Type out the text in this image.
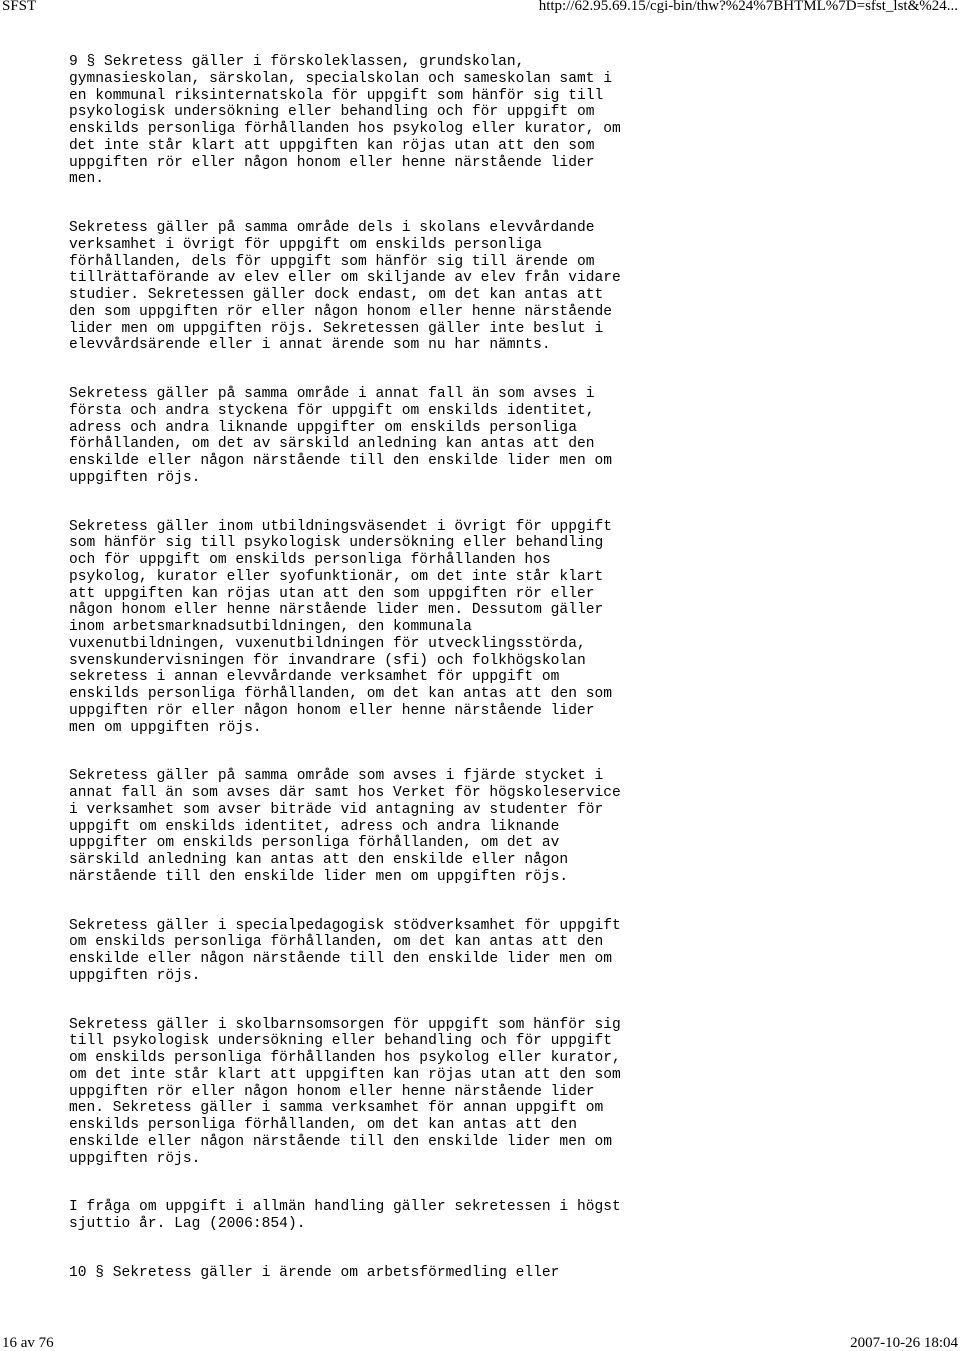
SFST	http://62.95.69.15/cgi-bin/thw?%24%7BHTML%7D=sfst_lst&%24...

9 § Sekretess gäller i förskoleklassen, grundskolan,
gymnasieskolan, särskolan, specialskolan och sameskolan samt i
en kommunal riksinternatskola för uppgift som hänför sig till
psykologisk undersökning eller behandling och för uppgift om
enskilds personliga förhållanden hos psykolog eller kurator, om
det inte står klart att uppgiften kan röjas utan att den som
uppgiften rör eller någon honom eller henne närstående lider
men.

Sekretess gäller på samma område dels i skolans elevvårdande
verksamhet i övrigt för uppgift om enskilds personliga
förhållanden, dels för uppgift som hänför sig till ärende om
tillrättaförande av elev eller om skiljande av elev från vidare
studier. Sekretessen gäller dock endast, om det kan antas att
den som uppgiften rör eller någon honom eller henne närstående
lider men om uppgiften röjs. Sekretessen gäller inte beslut i
elevvårdsärende eller i annat ärende som nu har nämnts.

Sekretess gäller på samma område i annat fall än som avses i
första och andra styckena för uppgift om enskilds identitet,
adress och andra liknande uppgifter om enskilds personliga
förhållanden, om det av särskild anledning kan antas att den
enskilde eller någon närstående till den enskilde lider men om
uppgiften röjs.

Sekretess gäller inom utbildningsväsendet i övrigt för uppgift
som hänför sig till psykologisk undersökning eller behandling
och för uppgift om enskilds personliga förhållanden hos
psykolog, kurator eller syofunktionär, om det inte står klart
att uppgiften kan röjas utan att den som uppgiften rör eller
någon honom eller henne närstående lider men. Dessutom gäller
inom arbetsmarknadsutbildningen, den kommunala
vuxenutbildningen, vuxenutbildningen för utvecklingsstörda,
svenskundervisningen för invandrare (sfi) och folkhögskolan
sekretess i annan elevvårdande verksamhet för uppgift om
enskilds personliga förhållanden, om det kan antas att den som
uppgiften rör eller någon honom eller henne närstående lider
men om uppgiften röjs.

Sekretess gäller på samma område som avses i fjärde stycket i
annat fall än som avses där samt hos Verket för högskoleservice
i verksamhet som avser biträde vid antagning av studenter för
uppgift om enskilds identitet, adress och andra liknande
uppgifter om enskilds personliga förhållanden, om det av
särskild anledning kan antas att den enskilde eller någon
närstående till den enskilde lider men om uppgiften röjs.

Sekretess gäller i specialpedagogisk stödverksamhet för uppgift
om enskilds personliga förhållanden, om det kan antas att den
enskilde eller någon närstående till den enskilde lider men om
uppgiften röjs.

Sekretess gäller i skolbarnsomsorgen för uppgift som hänför sig
till psykologisk undersökning eller behandling och för uppgift
om enskilds personliga förhållanden hos psykolog eller kurator,
om det inte står klart att uppgiften kan röjas utan att den som
uppgiften rör eller någon honom eller henne närstående lider
men. Sekretess gäller i samma verksamhet för annan uppgift om
enskilds personliga förhållanden, om det kan antas att den
enskilde eller någon närstående till den enskilde lider men om
uppgiften röjs.

I fråga om uppgift i allmän handling gäller sekretessen i högst
sjuttio år. Lag (2006:854).

10 § Sekretess gäller i ärende om arbetsförmedling eller

16 av 76	2007-10-26 18:04
